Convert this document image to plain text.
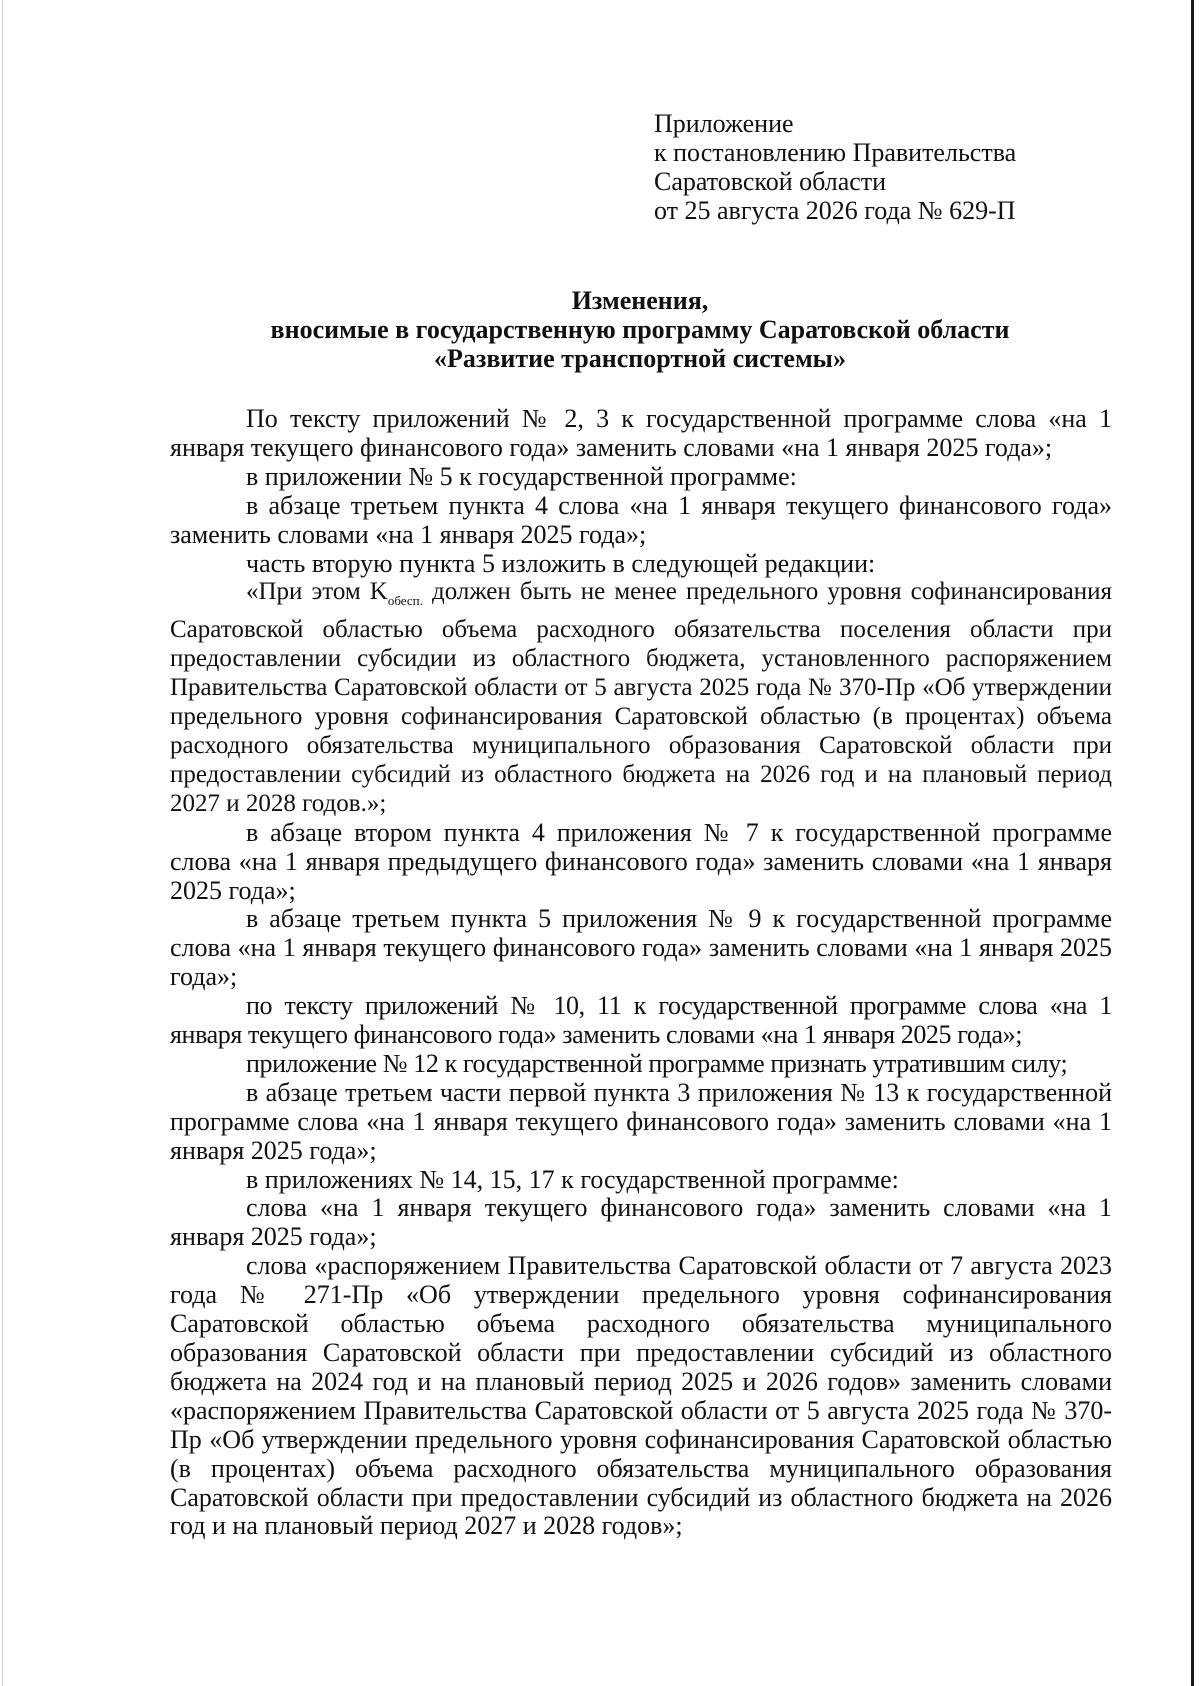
Приложение
к постановлению Правительства
Саратовской области
от 25 августа 2026 года № 629-П
Изменения,
вносимые в государственную программу Саратовской области
«Развитие транспортной системы»

По тексту приложений № 2, 3 к государственной программе слова «на 1 января текущего финансового года» заменить словами «на 1 января 2025 года»;

в приложении № 5 к государственной программе:

в абзаце третьем пункта 4 слова «на 1 января текущего финансового года» заменить словами «на 1 января 2025 года»;

часть вторую пункта 5 изложить в следующей редакции:

«При этом $K_{обесп.}$ должен быть не менее предельного уровня софинансирования Саратовской областью объема расходного обязательства поселения области при предоставлении субсидии из областного бюджета, установленного распоряжением Правительства Саратовской области от 5 августа 2025 года № 370-Пр «Об утверждении предельного уровня софинансирования Саратовской областью (в процентах) объема расходного обязательства муниципального образования Саратовской области при предоставлении субсидий из областного бюджета на 2026 год и на плановый период 2027 и 2028 годов.»;

в абзаце втором пункта 4 приложения № 7 к государственной программе слова «на 1 января предыдущего финансового года» заменить словами «на 1 января 2025 года»;

в абзаце третьем пункта 5 приложения № 9 к государственной программе слова «на 1 января текущего финансового года» заменить словами «на 1 января 2025 года»;

по тексту приложений № 10, 11 к государственной программе слова «на 1 января текущего финансового года» заменить словами «на 1 января 2025 года»;

приложение № 12 к государственной программе признать утратившим силу;

в абзаце третьем части первой пункта 3 приложения № 13 к государственной программе слова «на 1 января текущего финансового года» заменить словами «на 1 января 2025 года»;

в приложениях № 14, 15, 17 к государственной программе:

слова «на 1 января текущего финансового года» заменить словами «на 1 января 2025 года»;

слова «распоряжением Правительства Саратовской области от 7 августа 2023 года № 271-Пр «Об утверждении предельного уровня софинансирования Саратовской областью объема расходного обязательства муниципального образования Саратовской области при предоставлении субсидий из областного бюджета на 2024 год и на плановый период 2025 и 2026 годов» заменить словами «распоряжением Правительства Саратовской области от 5 августа 2025 года № 370-Пр «Об утверждении предельного уровня софинансирования Саратовской областью (в процентах) объема расходного обязательства муниципального образования Саратовской области при предоставлении субсидий из областного бюджета на 2026 год и на плановый период 2027 и 2028 годов»;
